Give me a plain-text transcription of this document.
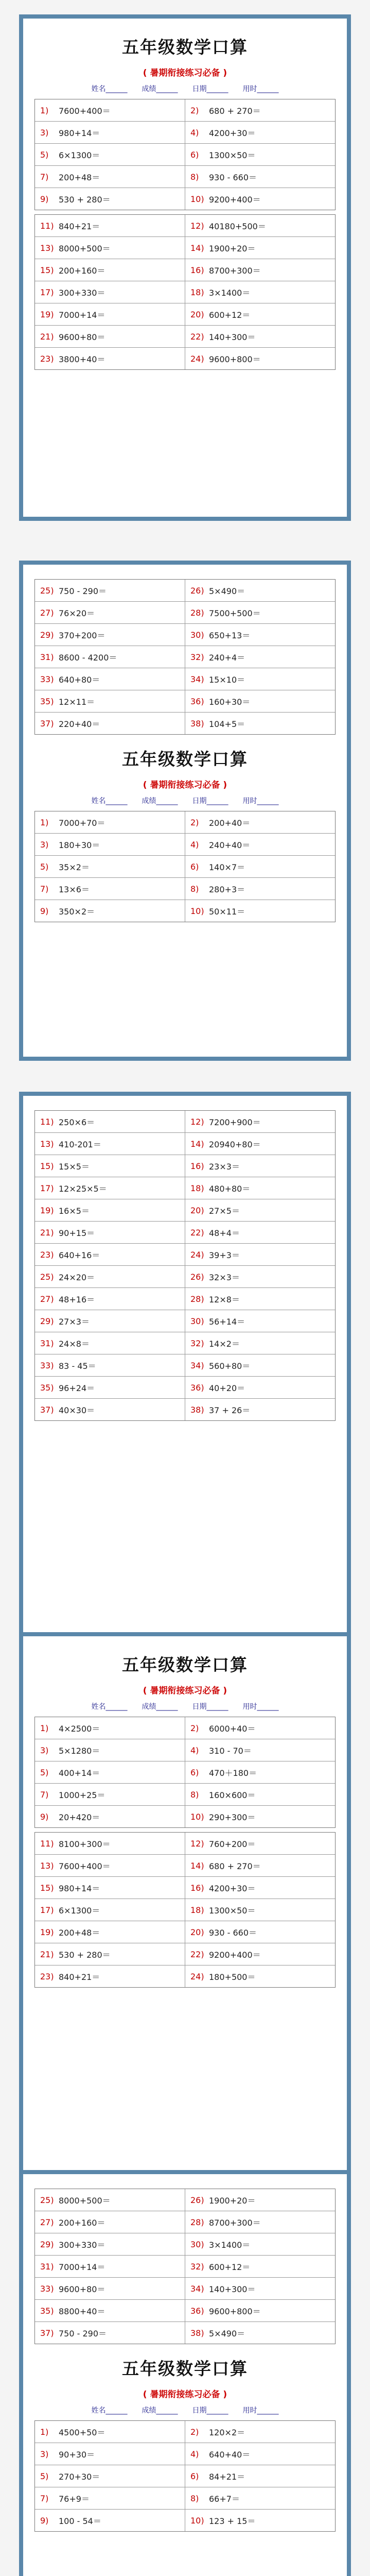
五年级数学口算
( 暑期衔接练习必备 )
姓名______ 成绩______ 日期______ 用时______
1)	7600+400＝	2)	680 + 270＝
3)	980+14＝	4)	4200+30＝
5)	6×1300＝	6)	1300×50＝
7)	200+48＝	8)	930 - 660＝
9)	530 + 280＝	10) 9200+400＝
11) 840+21＝	12) 40180+500＝
13) 8000+500＝	14) 1900+20＝
15) 200+160＝	16) 8700+300＝
17) 300+330＝	18) 3×1400＝
19) 7000+14＝	20) 600+12＝
21) 9600+80＝	22) 140+300＝
23) 3800+40＝	24) 9600+800＝
25) 750 - 290＝	26) 5×490＝
27) 76×20＝	28) 7500+500＝
29) 370+200＝	30) 650+13＝
31) 8600 - 4200＝	32) 240+4＝
33) 640+80＝	34) 15×10＝
35) 12×11＝	36) 160+30＝
37) 220+40＝	38) 104+5＝
五年级数学口算
( 暑期衔接练习必备 )
姓名______ 成绩______ 日期______ 用时______
1)	7000+70＝	2)	200+40＝
3)	180+30＝	4)	240+40＝
5)	35×2＝	6)	140×7＝
7)	13×6＝	8)	280+3＝
9)	350×2＝	10) 50×11＝
11) 250×6＝	12) 7200+900＝
13) 410-201＝	14) 20940+80＝
15) 15×5＝	16) 23×3＝
17) 12×25×5＝	18) 480+80＝
19) 16×5＝	20) 27×5＝
21) 90+15＝	22) 48+4＝
23) 640+16＝	24) 39+3＝
25) 24×20＝	26) 32×3＝
27) 48+16＝	28) 12×8＝
29) 27×3＝	30) 56+14＝
31) 24×8＝	32) 14×2＝
33) 83 - 45＝	34) 560+80＝
35) 96+24＝	36) 40+20＝
37) 40×30＝	38) 37 + 26＝
五年级数学口算
( 暑期衔接练习必备 )
姓名______ 成绩______ 日期______ 用时______
1)	4×2500＝	2)	6000+40＝
3)	5×1280＝	4)	310 - 70＝
5)	400+14＝	6)	470＋180＝
7)	1000+25＝	8)	160×600＝
9)	20+420＝	10) 290+300＝
11) 8100+300＝	12) 760+200＝
13) 7600+400＝	14) 680 + 270＝
15) 980+14＝	16) 4200+30＝
17) 6×1300＝	18) 1300×50＝
19) 200+48＝	20) 930 - 660＝
21) 530 + 280＝	22) 9200+400＝
23) 840+21＝	24) 180+500＝
25) 8000+500＝	26) 1900+20＝
27) 200+160＝	28) 8700+300＝
29) 300+330＝	30) 3×1400＝
31) 7000+14＝	32) 600+12＝
33) 9600+80＝	34) 140+300＝
35) 8800+40＝	36) 9600+800＝
37) 750 - 290＝	38) 5×490＝
五年级数学口算
( 暑期衔接练习必备 )
姓名______ 成绩______ 日期______ 用时______
1)	4500+50＝	2)	120×2＝
3)	90+30＝	4)	640+40＝
5)	270+30＝	6)	84+21＝
7)	76+9＝	8)	66+7＝
9)	100 - 54＝	10) 123 + 15＝
